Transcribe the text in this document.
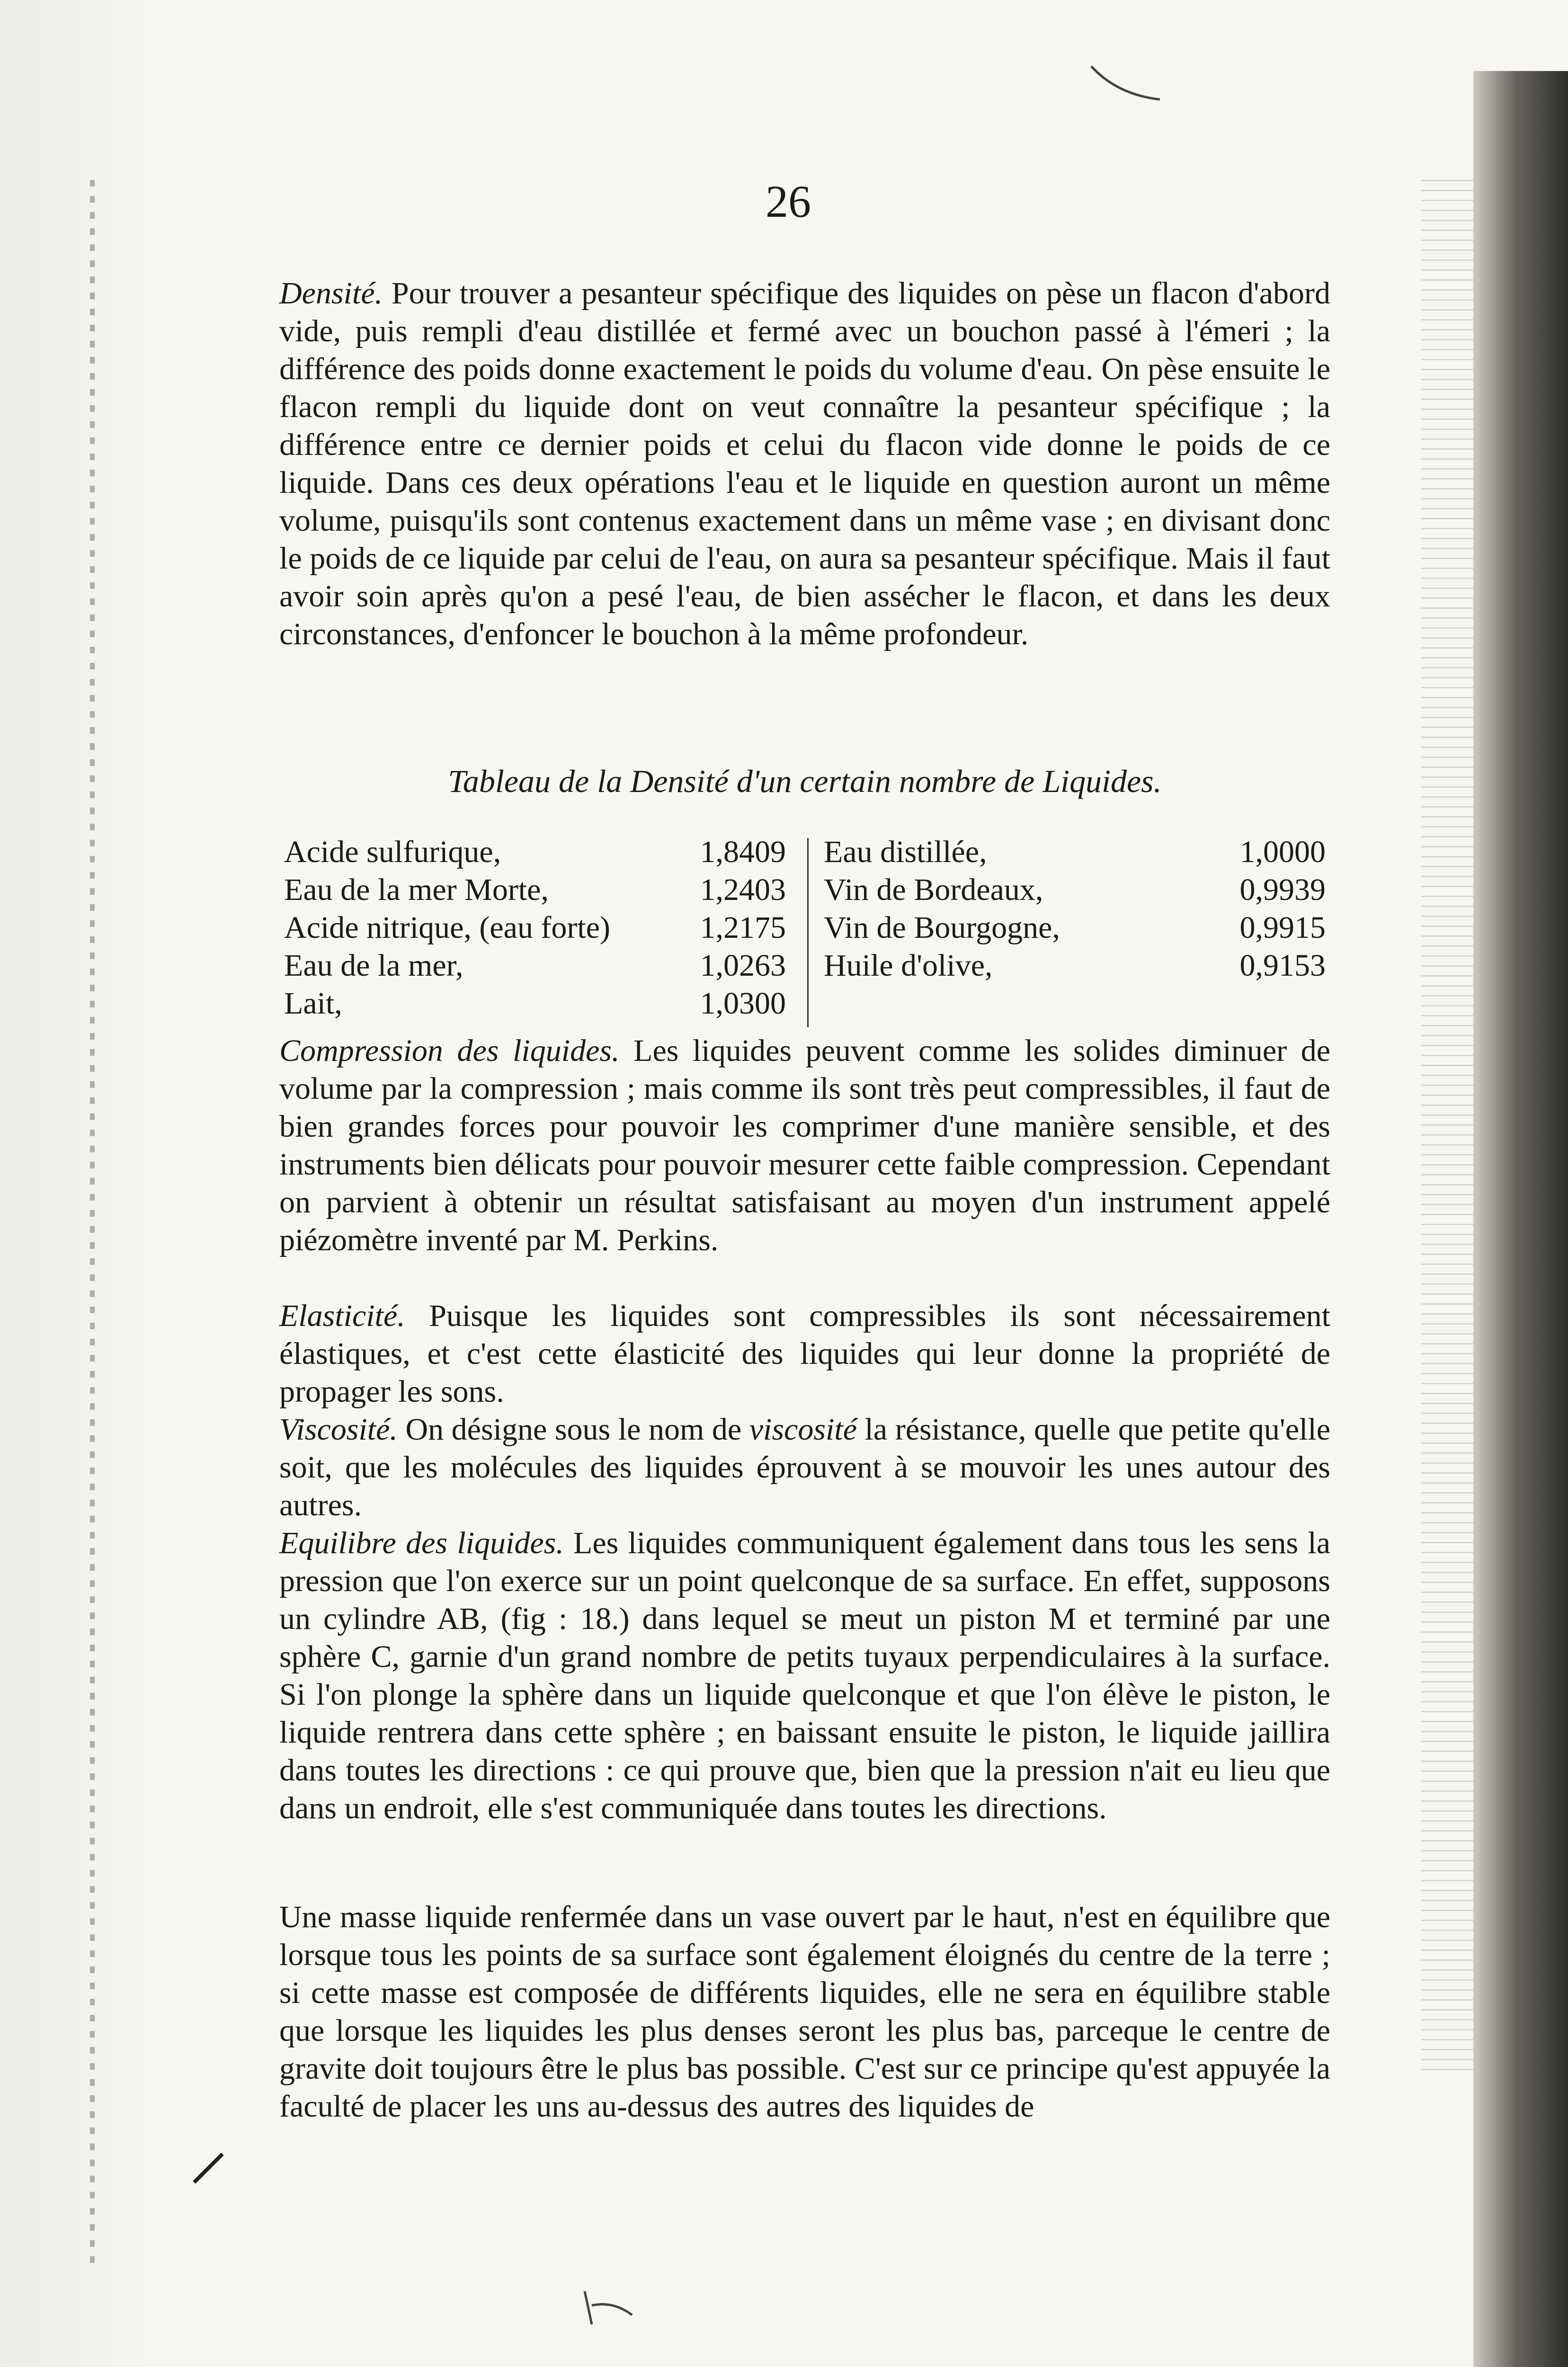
26

Densité. Pour trouver a pesanteur spécifique des liquides on pèse un flacon d'abord vide, puis rempli d'eau distillée et fermé avec un bouchon passé à l'émeri ; la différence des poids donne exactement le poids du volume d'eau. On pèse ensuite le flacon rempli du liquide dont on veut connaître la pesanteur spécifique ; la différence entre ce dernier poids et celui du flacon vide donne le poids de ce liquide. Dans ces deux opérations l'eau et le liquide en question auront un même volume, puisqu'ils sont contenus exactement dans un même vase ; en divisant donc le poids de ce liquide par celui de l'eau, on aura sa pesanteur spécifique. Mais il faut avoir soin après qu'on a pesé l'eau, de bien assécher le flacon, et dans les deux circonstances, d'enfoncer le bouchon à la même profondeur.

Tableau de la Densité d'un certain nombre de Liquides.
Acide sulfurique,	1,8409
Eau de la mer Morte,	1,2403
Acide nitrique, (eau forte)	1,2175
Eau de la mer,	1,0263
Lait,	1,0300
Eau distillée,	1,0000
Vin de Bordeaux,	0,9939
Vin de Bourgogne,	0,9915
Huile d'olive,	0,9153

Compression des liquides. Les liquides peuvent comme les solides diminuer de volume par la compression ; mais comme ils sont très peut compressibles, il faut de bien grandes forces pour pouvoir les comprimer d'une manière sensible, et des instruments bien délicats pour pouvoir mesurer cette faible compression. Cependant on parvient à obtenir un résultat satisfaisant au moyen d'un instrument appelé piézomètre inventé par M. Perkins.

Elasticité. Puisque les liquides sont compressibles ils sont nécessairement élastiques, et c'est cette élasticité des liquides qui leur donne la propriété de propager les sons.

Viscosité. On désigne sous le nom de viscosité la résistance, quelle que petite qu'elle soit, que les molécules des liquides éprouvent à se mouvoir les unes autour des autres.

Equilibre des liquides. Les liquides communiquent également dans tous les sens la pression que l'on exerce sur un point quelconque de sa surface. En effet, supposons un cylindre AB, (fig : 18.) dans lequel se meut un piston M et terminé par une sphère C, garnie d'un grand nombre de petits tuyaux perpendiculaires à la surface. Si l'on plonge la sphère dans un liquide quelconque et que l'on élève le piston, le liquide rentrera dans cette sphère ; en baissant ensuite le piston, le liquide jaillira dans toutes les directions : ce qui prouve que, bien que la pression n'ait eu lieu que dans un endroit, elle s'est communiquée dans toutes les directions.

Une masse liquide renfermée dans un vase ouvert par le haut, n'est en équilibre que lorsque tous les points de sa surface sont également éloignés du centre de la terre ; si cette masse est composée de différents liquides, elle ne sera en équilibre stable que lorsque les liquides les plus denses seront les plus bas, parceque le centre de gravite doit toujours être le plus bas possible. C'est sur ce principe qu'est appuyée la faculté de placer les uns au-dessus des autres des liquides de
